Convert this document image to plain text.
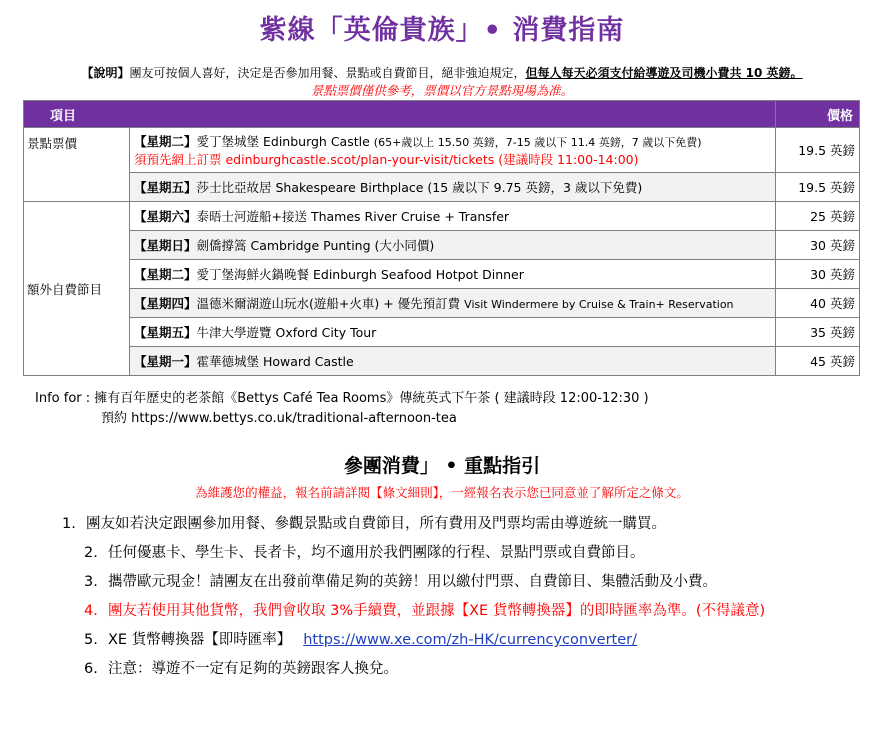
紫線「英倫貴族」• 消費指南
【說明】團友可按個人喜好，決定是否參加用餐、景點或自費節目，絕非強迫規定，但每人每天必須支付給導遊及司機小費共 10 英鎊。
景點票價僅供參考，票價以官方景點現場為准。
項目		價格
景點票價	【星期二】愛丁堡城堡 Edinburgh Castle (65+歲以上 15.50 英鎊，7-15 歲以下 11.4 英鎊，7 歲以下免費)
須預先網上訂票 edinburghcastle.scot/plan-your-visit/tickets (建議時段 11:00-14:00)	19.5 英鎊
	【星期五】莎士比亞故居 Shakespeare Birthplace (15 歲以下 9.75 英鎊，3 歲以下免費)	19.5 英鎊
額外自費節目	【星期六】泰晤士河遊船+接送 Thames River Cruise + Transfer	25 英鎊
	【星期日】劍僑撐篙 Cambridge Punting (大小同價)	30 英鎊
	【星期二】愛丁堡海鮮火鍋晚餐 Edinburgh Seafood Hotpot Dinner	30 英鎊
	【星期四】溫德米爾湖遊山玩水(遊船+火車) + 優先預訂費 Visit Windermere by Cruise & Train+ Reservation	40 英鎊
	【星期五】牛津大學遊覽 Oxford City Tour	35 英鎊
	【星期一】霍華德城堡 Howard Castle	45 英鎊
Info for : 擁有百年歷史的老茶館《Bettys Café Tea Rooms》傳統英式下午茶 ( 建議時段 12:00-12:30 )
預約 https://www.bettys.co.uk/traditional-afternoon-tea
參團消費」 • 重點指引
為維護您的權益，報名前請詳閱【條文細則】，一經報名表示您已同意並了解所定之條文。
1. 團友如若決定跟團參加用餐、參觀景點或自費節目，所有費用及門票均需由導遊統一購買。
2. 任何優惠卡、學生卡、長者卡，均不適用於我們團隊的行程、景點門票或自費節目。
3. 攜帶歐元現金！請團友在出發前準備足夠的英鎊！用以繳付門票、自費節目、集體活動及小費。
4. 團友若使用其他貨幣，我們會收取 3%手續費，並跟據【XE 貨幣轉換器】的即時匯率為準。(不得議意)
5. XE 貨幣轉換器【即時匯率】 https://www.xe.com/zh-HK/currencyconverter/
6. 注意：導遊不一定有足夠的英鎊跟客人換兌。
